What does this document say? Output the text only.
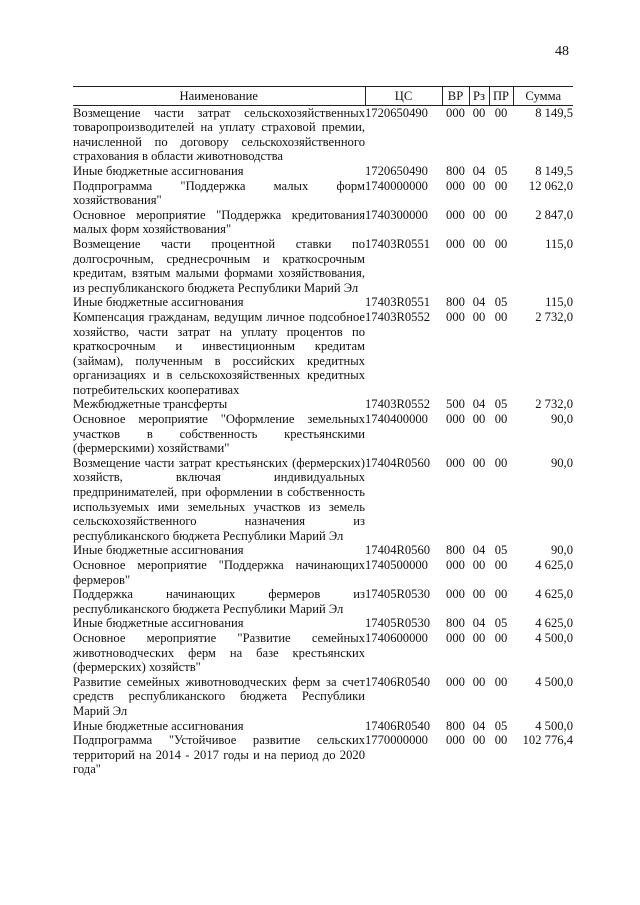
48
Наименование	ЦС	ВР	Рз	ПР	Сумма
Возмещение части затрат сельскохозяйственных товаропроизводителей на уплату страховой премии, начисленной по договору сельскохозяйственного страхования в области животноводства	1720650490	000	00	00	8 149,5
Иные бюджетные ассигнования	1720650490	800	04	05	8 149,5
Подпрограмма "Поддержка малых форм хозяйствования"	1740000000	000	00	00	12 062,0
Основное мероприятие "Поддержка кредитования малых форм хозяйствования"	1740300000	000	00	00	2 847,0
Возмещение части процентной ставки по долгосрочным, среднесрочным и краткосрочным кредитам, взятым малыми формами хозяйствования, из республиканского бюджета Республики Марий Эл	17403R0551	000	00	00	115,0
Иные бюджетные ассигнования	17403R0551	800	04	05	115,0
Компенсация гражданам, ведущим личное подсобное хозяйство, части затрат на уплату процентов по краткосрочным и инвестиционным кредитам (займам), полученным в российских кредитных организациях и в сельскохозяйственных кредитных потребительских кооперативах	17403R0552	000	00	00	2 732,0
Межбюджетные трансферты	17403R0552	500	04	05	2 732,0
Основное мероприятие "Оформление земельных участков в собственность крестьянскими (фермерскими) хозяйствами"	1740400000	000	00	00	90,0
Возмещение части затрат крестьянских (фермерских) хозяйств, включая индивидуальных предпринимателей, при оформлении в собственность используемых ими земельных участков из земель сельскохозяйственного назначения из республиканского бюджета Республики Марий Эл	17404R0560	000	00	00	90,0
Иные бюджетные ассигнования	17404R0560	800	04	05	90,0
Основное мероприятие "Поддержка начинающих фермеров"	1740500000	000	00	00	4 625,0
Поддержка начинающих фермеров из республиканского бюджета Республики Марий Эл	17405R0530	000	00	00	4 625,0
Иные бюджетные ассигнования	17405R0530	800	04	05	4 625,0
Основное мероприятие "Развитие семейных животноводческих ферм на базе крестьянских (фермерских) хозяйств"	1740600000	000	00	00	4 500,0
Развитие семейных животноводческих ферм за счет средств республиканского бюджета Республики Марий Эл	17406R0540	000	00	00	4 500,0
Иные бюджетные ассигнования	17406R0540	800	04	05	4 500,0
Подпрограмма "Устойчивое развитие сельских территорий на 2014 - 2017 годы и на период до 2020 года"	1770000000	000	00	00	102 776,4
